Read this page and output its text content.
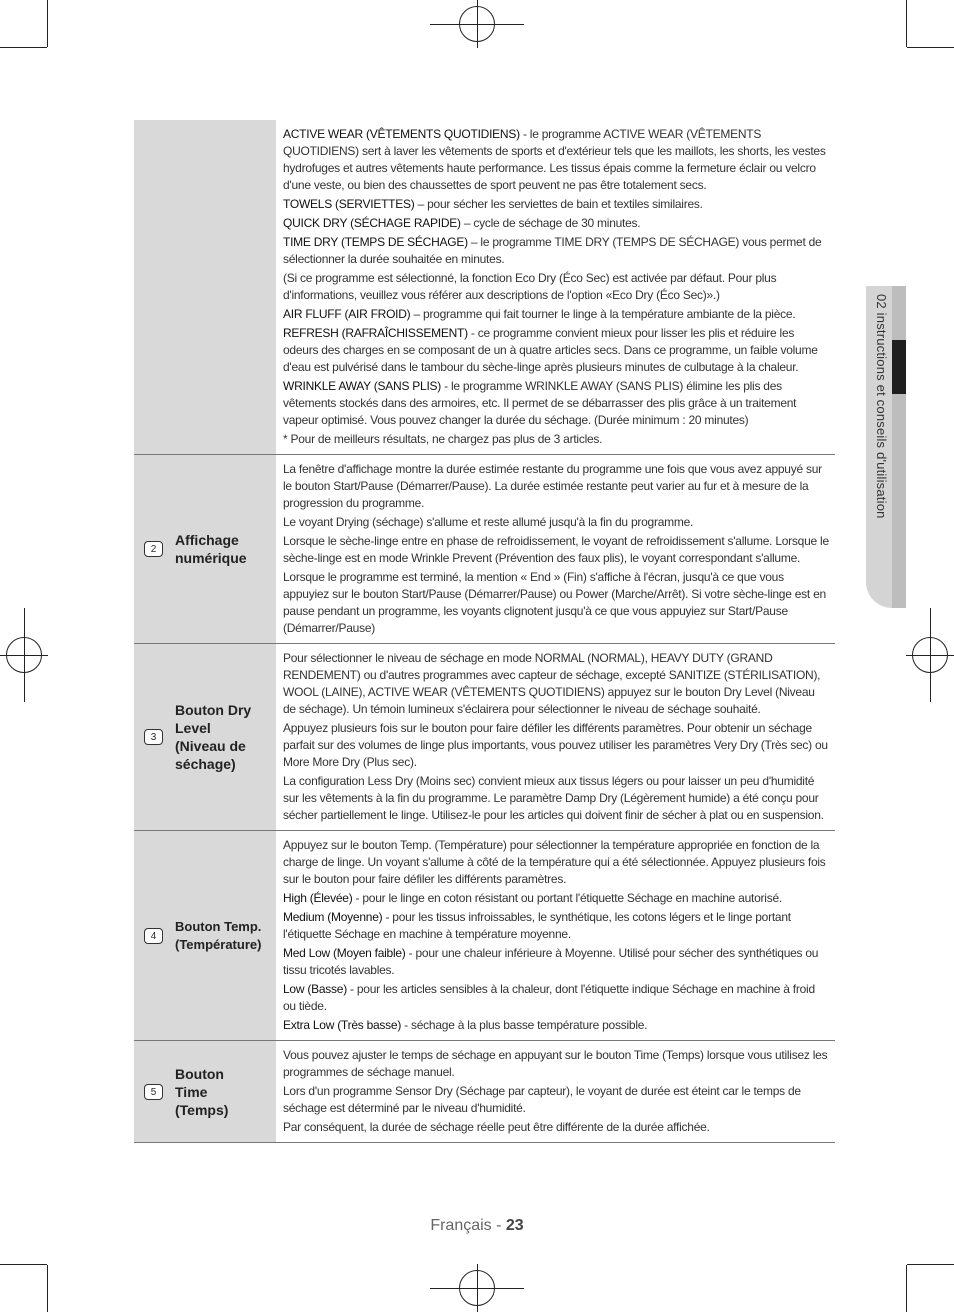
02 instructions et conseils d'utilisation

ACTIVE WEAR (VÊTEMENTS QUOTIDIENS) - le programme ACTIVE WEAR (VÊTEMENTS QUOTIDIENS) sert à laver les vêtements de sports et d'extérieur tels que les maillots, les shorts, les vestes hydrofuges et autres vêtements haute performance. Les tissus épais comme la fermeture éclair ou velcro d'une veste, ou bien des chaussettes de sport peuvent ne pas être totalement secs.

TOWELS (SERVIETTES) – pour sécher les serviettes de bain et textiles similaires.

QUICK DRY (SÉCHAGE RAPIDE) – cycle de séchage de 30 minutes.

TIME DRY (TEMPS DE SÉCHAGE) – le programme TIME DRY (TEMPS DE SÉCHAGE) vous permet de sélectionner la durée souhaitée en minutes.

(Si ce programme est sélectionné, la fonction Eco Dry (Éco Sec) est activée par défaut. Pour plus d'informations, veuillez vous référer aux descriptions de l'option «Eco Dry (Éco Sec)».)

AIR FLUFF (AIR FROID) – programme qui fait tourner le linge à la température ambiante de la pièce.

REFRESH (RAFRAÎCHISSEMENT) - ce programme convient mieux pour lisser les plis et réduire les odeurs des charges en se composant de un à quatre articles secs. Dans ce programme, un faible volume d'eau est pulvérisé dans le tambour du sèche-linge après plusieurs minutes de culbutage à la chaleur.

WRINKLE AWAY (SANS PLIS) - le programme WRINKLE AWAY (SANS PLIS) élimine les plis des vêtements stockés dans des armoires, etc. Il permet de se débarrasser des plis grâce à un traitement vapeur optimisé. Vous pouvez changer la durée du séchage. (Durée minimum : 20 minutes)

* Pour de meilleurs résultats, ne chargez pas plus de 3 articles.

2
Affichage numérique

La fenêtre d'affichage montre la durée estimée restante du programme une fois que vous avez appuyé sur le bouton Start/Pause (Démarrer/Pause). La durée estimée restante peut varier au fur et à mesure de la progression du programme.

Le voyant Drying (séchage) s'allume et reste allumé jusqu'à la fin du programme.

Lorsque le sèche-linge entre en phase de refroidissement, le voyant de refroidissement s'allume. Lorsque le sèche-linge est en mode Wrinkle Prevent (Prévention des faux plis), le voyant correspondant s'allume.

Lorsque le programme est terminé, la mention « End » (Fin) s'affiche à l'écran, jusqu'à ce que vous appuyiez sur le bouton Start/Pause (Démarrer/Pause) ou Power (Marche/Arrêt). Si votre sèche-linge est en pause pendant un programme, les voyants clignotent jusqu'à ce que vous appuyiez sur Start/Pause (Démarrer/Pause)

3
Bouton Dry Level (Niveau de séchage)

Pour sélectionner le niveau de séchage en mode NORMAL (NORMAL), HEAVY DUTY (GRAND RENDEMENT) ou d'autres programmes avec capteur de séchage, excepté SANITIZE (STÉRILISATION), WOOL (LAINE), ACTIVE WEAR (VÊTEMENTS QUOTIDIENS) appuyez sur le bouton Dry Level (Niveau de séchage). Un témoin lumineux s'éclairera pour sélectionner le niveau de séchage souhaité.

Appuyez plusieurs fois sur le bouton pour faire défiler les différents paramètres. Pour obtenir un séchage parfait sur des volumes de linge plus importants, vous pouvez utiliser les paramètres Very Dry (Très sec) ou More More Dry (Plus sec).

La configuration Less Dry (Moins sec) convient mieux aux tissus légers ou pour laisser un peu d'humidité sur les vêtements à la fin du programme. Le paramètre Damp Dry (Légèrement humide) a été conçu pour sécher partiellement le linge. Utilisez-le pour les articles qui doivent finir de sécher à plat ou en suspension.

4
Bouton Temp. (Température)

Appuyez sur le bouton Temp. (Température) pour sélectionner la température appropriée en fonction de la charge de linge. Un voyant s'allume à côté de la température qui a été sélectionnée. Appuyez plusieurs fois sur le bouton pour faire défiler les différents paramètres.

High (Élevée) - pour le linge en coton résistant ou portant l'étiquette Séchage en machine autorisé.

Medium (Moyenne) - pour les tissus infroissables, le synthétique, les cotons légers et le linge portant l'étiquette Séchage en machine à température moyenne.

Med Low (Moyen faible) - pour une chaleur inférieure à Moyenne. Utilisé pour sécher des synthétiques ou tissu tricotés lavables.

Low (Basse) - pour les articles sensibles à la chaleur, dont l'étiquette indique Séchage en machine à froid ou tiède.

Extra Low (Très basse) - séchage à la plus basse température possible.

5
Bouton Time (Temps)

Vous pouvez ajuster le temps de séchage en appuyant sur le bouton Time (Temps) lorsque vous utilisez les programmes de séchage manuel.

Lors d'un programme Sensor Dry (Séchage par capteur), le voyant de durée est éteint car le temps de séchage est déterminé par le niveau d'humidité.

Par conséquent, la durée de séchage réelle peut être différente de la durée affichée.

Français - 23
